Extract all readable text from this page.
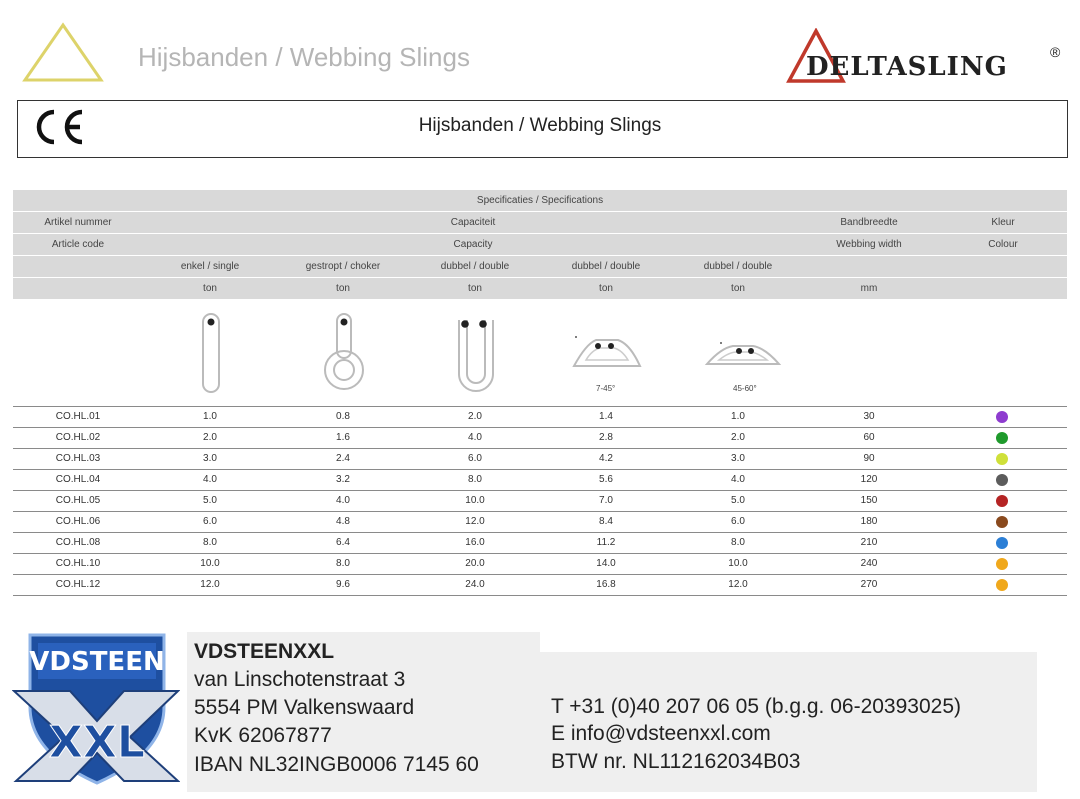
Hijsbanden / Webbing Slings	DELTASLING	®
Hijsbanden / Webbing Slings
Specificaties / Specifications
Artikel nummer	Capaciteit	Bandbreedte	Kleur
Article code	Capacity	Webbing width	Colour
enkel / single	gestropt / choker	dubbel / double	dubbel / double	dubbel / double
ton	ton	ton	ton	ton	mm
7-45°	45-60°
CO.HL.01	1.0	0.8	2.0	1.4	1.0	30
CO.HL.02	2.0	1.6	4.0	2.8	2.0	60
CO.HL.03	3.0	2.4	6.0	4.2	3.0	90
CO.HL.04	4.0	3.2	8.0	5.6	4.0	120
CO.HL.05	5.0	4.0	10.0	7.0	5.0	150
CO.HL.06	6.0	4.8	12.0	8.4	6.0	180
CO.HL.08	8.0	6.4	16.0	11.2	8.0	210
CO.HL.10	10.0	8.0	20.0	14.0	10.0	240
CO.HL.12	12.0	9.6	24.0	16.8	12.0	270
VDSTEEN
XXL
VDSTEENXXL
van Linschotenstraat 3
5554 PM Valkenswaard
KvK 62067877
IBAN NL32INGB0006 7145 60
T +31 (0)40 207 06 05 (b.g.g. 06-20393025)
E info@vdsteenxxl.com
BTW nr. NL112162034B03
